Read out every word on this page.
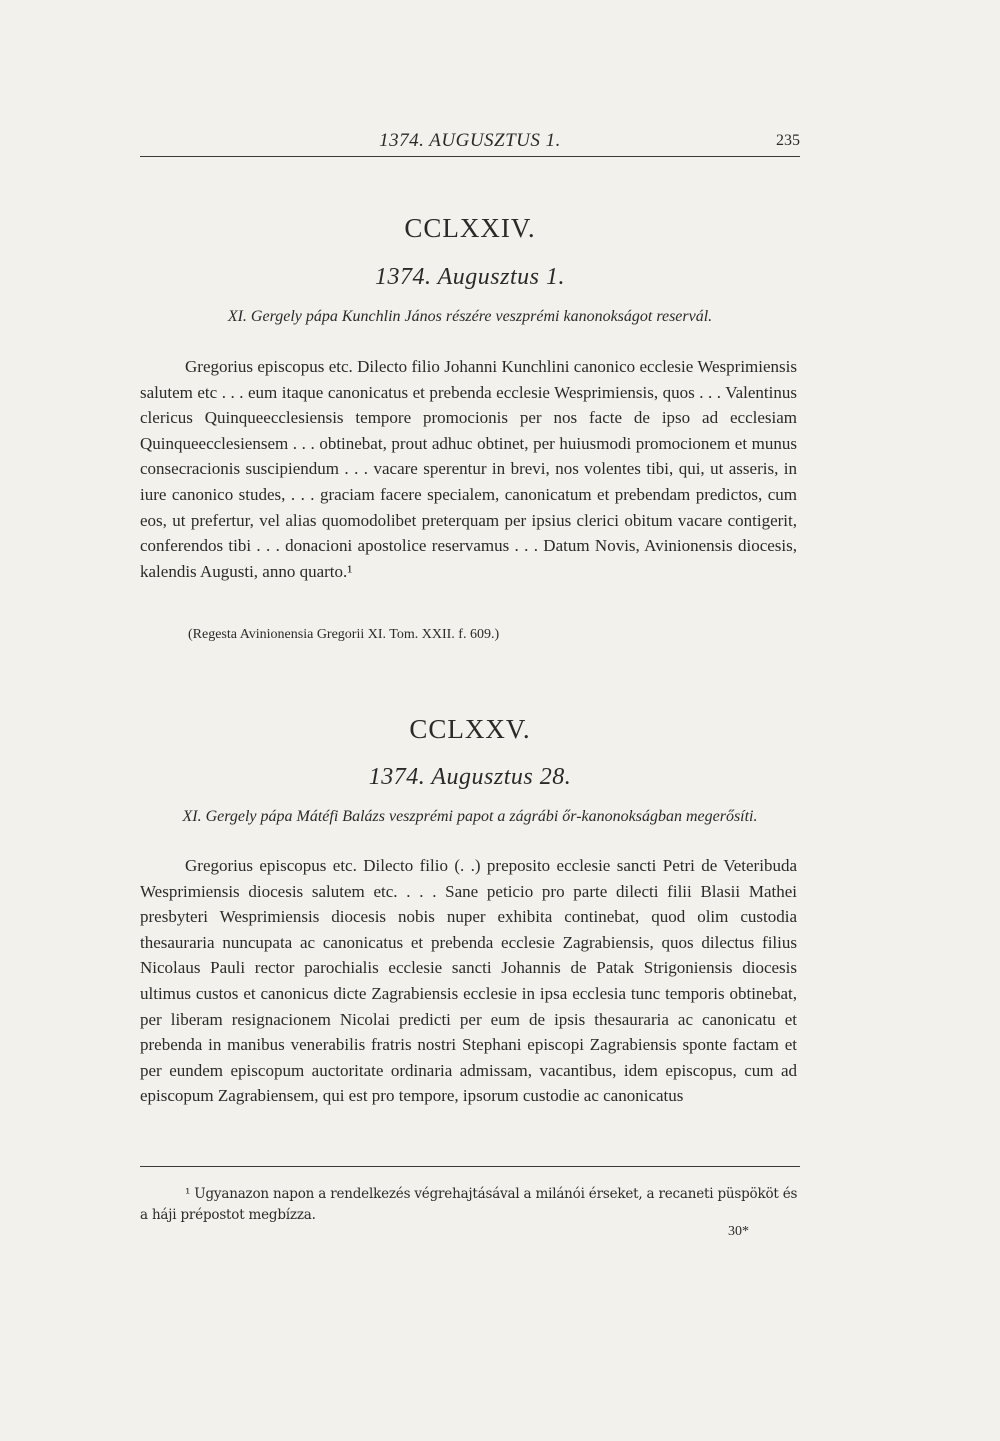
1374. AUGUSZTUS 1.	235
CCLXXIV.
1374. Augusztus 1.
XI. Gergely pápa Kunchlin János részére veszprémi kanonokságot reservál.

Gregorius episcopus etc. Dilecto filio Johanni Kunchlini canonico ecclesie Wesprimiensis salutem etc . . . eum itaque canonicatus et prebenda ecclesie Wesprimiensis, quos . . . Valentinus clericus Quinqueecclesiensis tempore promocionis per nos facte de ipso ad ecclesiam Quinqueecclesiensem . . . obtinebat, prout adhuc obtinet, per huiusmodi promocionem et munus consecracionis suscipiendum . . . vacare sperentur in brevi, nos volentes tibi, qui, ut asseris, in iure canonico studes, . . . graciam facere specialem, canonicatum et prebendam predictos, cum eos, ut prefertur, vel alias quomodolibet preterquam per ipsius clerici obitum vacare contigerit, conferendos tibi . . . donacioni apostolice reservamus . . . Datum Novis, Avinionensis diocesis, kalendis Augusti, anno quarto.¹

(Regesta Avinionensia Gregorii XI. Tom. XXII. f. 609.)
CCLXXV.
1374. Augusztus 28.
XI. Gergely pápa Mátéfi Balázs veszprémi papot a zágrábi őr-kanonokságban megerősíti.

Gregorius episcopus etc. Dilecto filio (. .) preposito ecclesie sancti Petri de Veteribuda Wesprimiensis diocesis salutem etc. . . . Sane peticio pro parte dilecti filii Blasii Mathei presbyteri Wesprimiensis diocesis nobis nuper exhibita continebat, quod olim custodia thesauraria nuncupata ac canonicatus et prebenda ecclesie Zagrabiensis, quos dilectus filius Nicolaus Pauli rector parochialis ecclesie sancti Johannis de Patak Strigoniensis diocesis ultimus custos et canonicus dicte Zagrabiensis ecclesie in ipsa ecclesia tunc temporis obtinebat, per liberam resignacionem Nicolai predicti per eum de ipsis thesauraria ac canonicatu et prebenda in manibus venerabilis fratris nostri Stephani episcopi Zagrabiensis sponte factam et per eundem episcopum auctoritate ordinaria admissam, vacantibus, idem episcopus, cum ad episcopum Zagrabiensem, qui est pro tempore, ipsorum custodie ac canonicatus

¹ Ugyanazon napon a rendelkezés végrehajtásával a milánói érseket, a recaneti püspököt és a háji prépostot megbízza.

30*
